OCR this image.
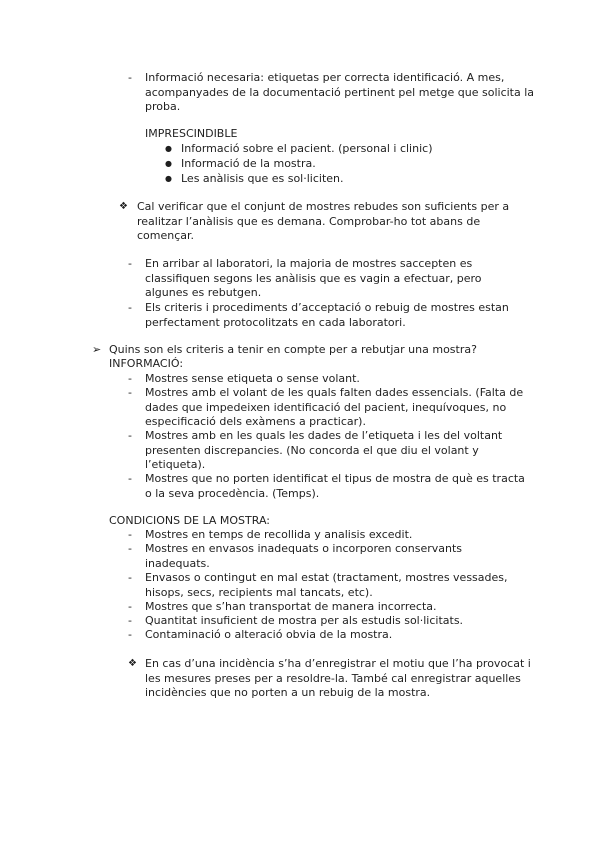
- Informació necesaria: etiquetas per correcta identificació. A mes, acompanyades de la documentació pertinent pel metge que solicita la proba.
IMPRESCINDIBLE
● Informació sobre el pacient. (personal i clinic)
● Informació de la mostra.
● Les anàlisis que es sol·liciten.
❖ Cal verificar que el conjunt de mostres rebudes son suficients per a realitzar l’anàlisis que es demana. Comprobar-ho tot abans de començar.
- En arribar al laboratori, la majoria de mostres saccepten es classifiquen segons les anàlisis que es vagin a efectuar, pero algunes es rebutgen.
- Els criteris i procediments d’acceptació o rebuig de mostres estan perfectament protocolitzats en cada laboratori.
➢ Quins son els criteris a tenir en compte per a rebutjar una mostra?
INFORMACIÓ:
- Mostres sense etiqueta o sense volant.
- Mostres amb el volant de les quals falten dades essencials. (Falta de dades que impedeixen identificació del pacient, inequívoques, no especificació dels exàmens a practicar).
- Mostres amb en les quals les dades de l’etiqueta i les del voltant presenten discrepancies. (No concorda el que diu el volant y l’etiqueta).
- Mostres que no porten identificat el tipus de mostra de què es tracta o la seva procedència. (Temps).
CONDICIONS DE LA MOSTRA:
- Mostres en temps de recollida y analisis excedit.
- Mostres en envasos inadequats o incorporen conservants inadequats.
- Envasos o contingut en mal estat (tractament, mostres vessades, hisops, secs, recipients mal tancats, etc).
- Mostres que s’han transportat de manera incorrecta.
- Quantitat insuficient de mostra per als estudis sol·licitats.
- Contaminació o alteració obvia de la mostra.
❖ En cas d’una incidència s’ha d’enregistrar el motiu que l’ha provocat i les mesures preses per a resoldre-la. També cal enregistrar aquelles incidències que no porten a un rebuig de la mostra.
